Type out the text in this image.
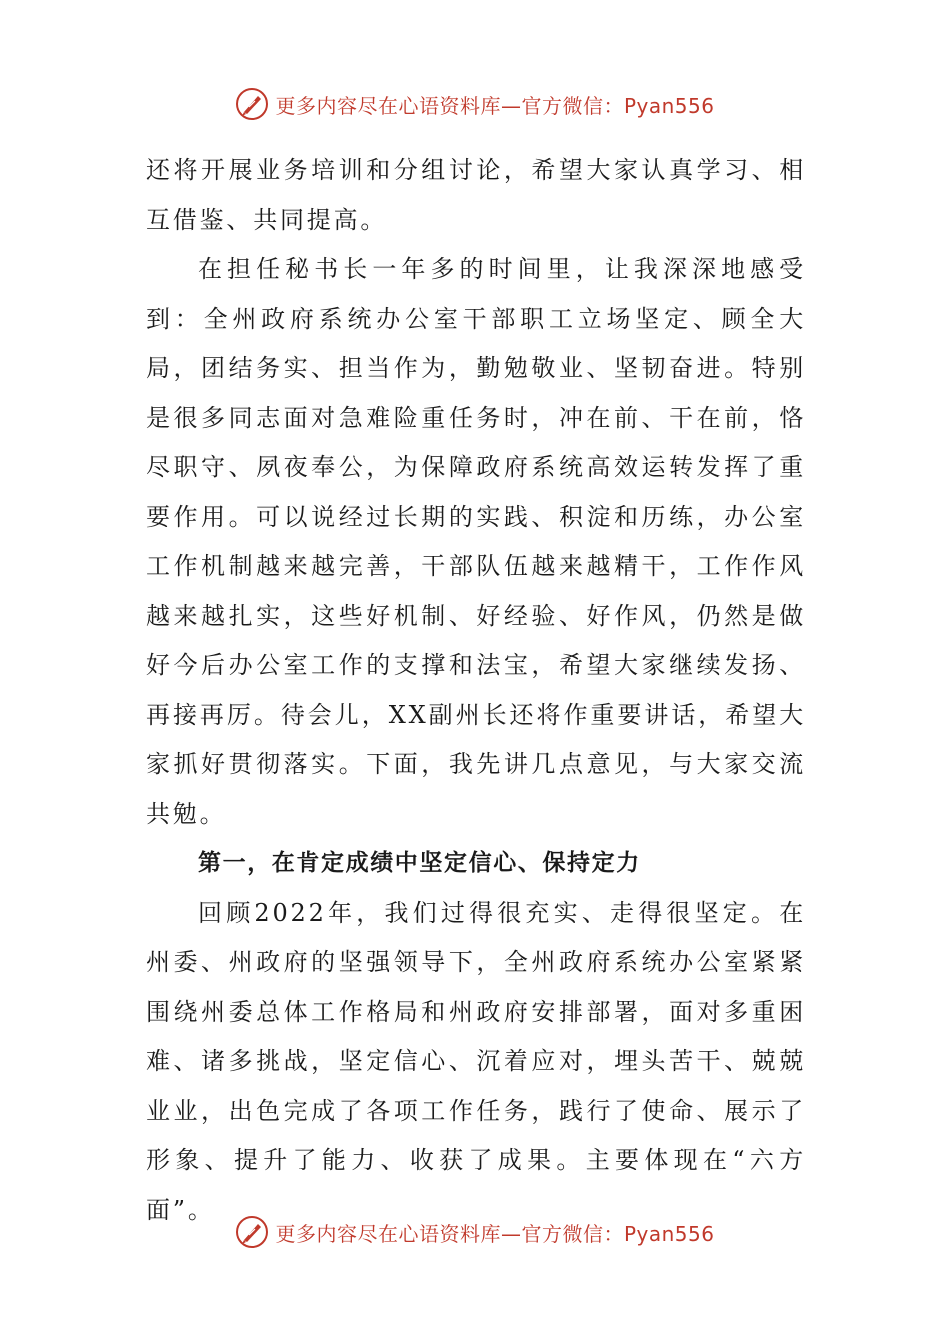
更多内容尽在心语资料库—官方微信：Pyan556

还将开展业务培训和分组讨论，希望大家认真学习、相互借鉴、共同提高。

在担任秘书长一年多的时间里，让我深深地感受到：全州政府系统办公室干部职工立场坚定、顾全大局，团结务实、担当作为，勤勉敬业、坚韧奋进。特别是很多同志面对急难险重任务时，冲在前、干在前，恪尽职守、夙夜奉公，为保障政府系统高效运转发挥了重要作用。可以说经过长期的实践、积淀和历练，办公室工作机制越来越完善，干部队伍越来越精干，工作作风越来越扎实，这些好机制、好经验、好作风，仍然是做好今后办公室工作的支撑和法宝，希望大家继续发扬、再接再厉。待会儿，XX副州长还将作重要讲话，希望大家抓好贯彻落实。下面，我先讲几点意见，与大家交流共勉。

第一，在肯定成绩中坚定信心、保持定力

回顾2022年，我们过得很充实、走得很坚定。在州委、州政府的坚强领导下，全州政府系统办公室紧紧围绕州委总体工作格局和州政府安排部署，面对多重困难、诸多挑战，坚定信心、沉着应对，埋头苦干、兢兢业业，出色完成了各项工作任务，践行了使命、展示了形象、提升了能力、收获了成果。主要体现在“六方面”。

更多内容尽在心语资料库—官方微信：Pyan556
